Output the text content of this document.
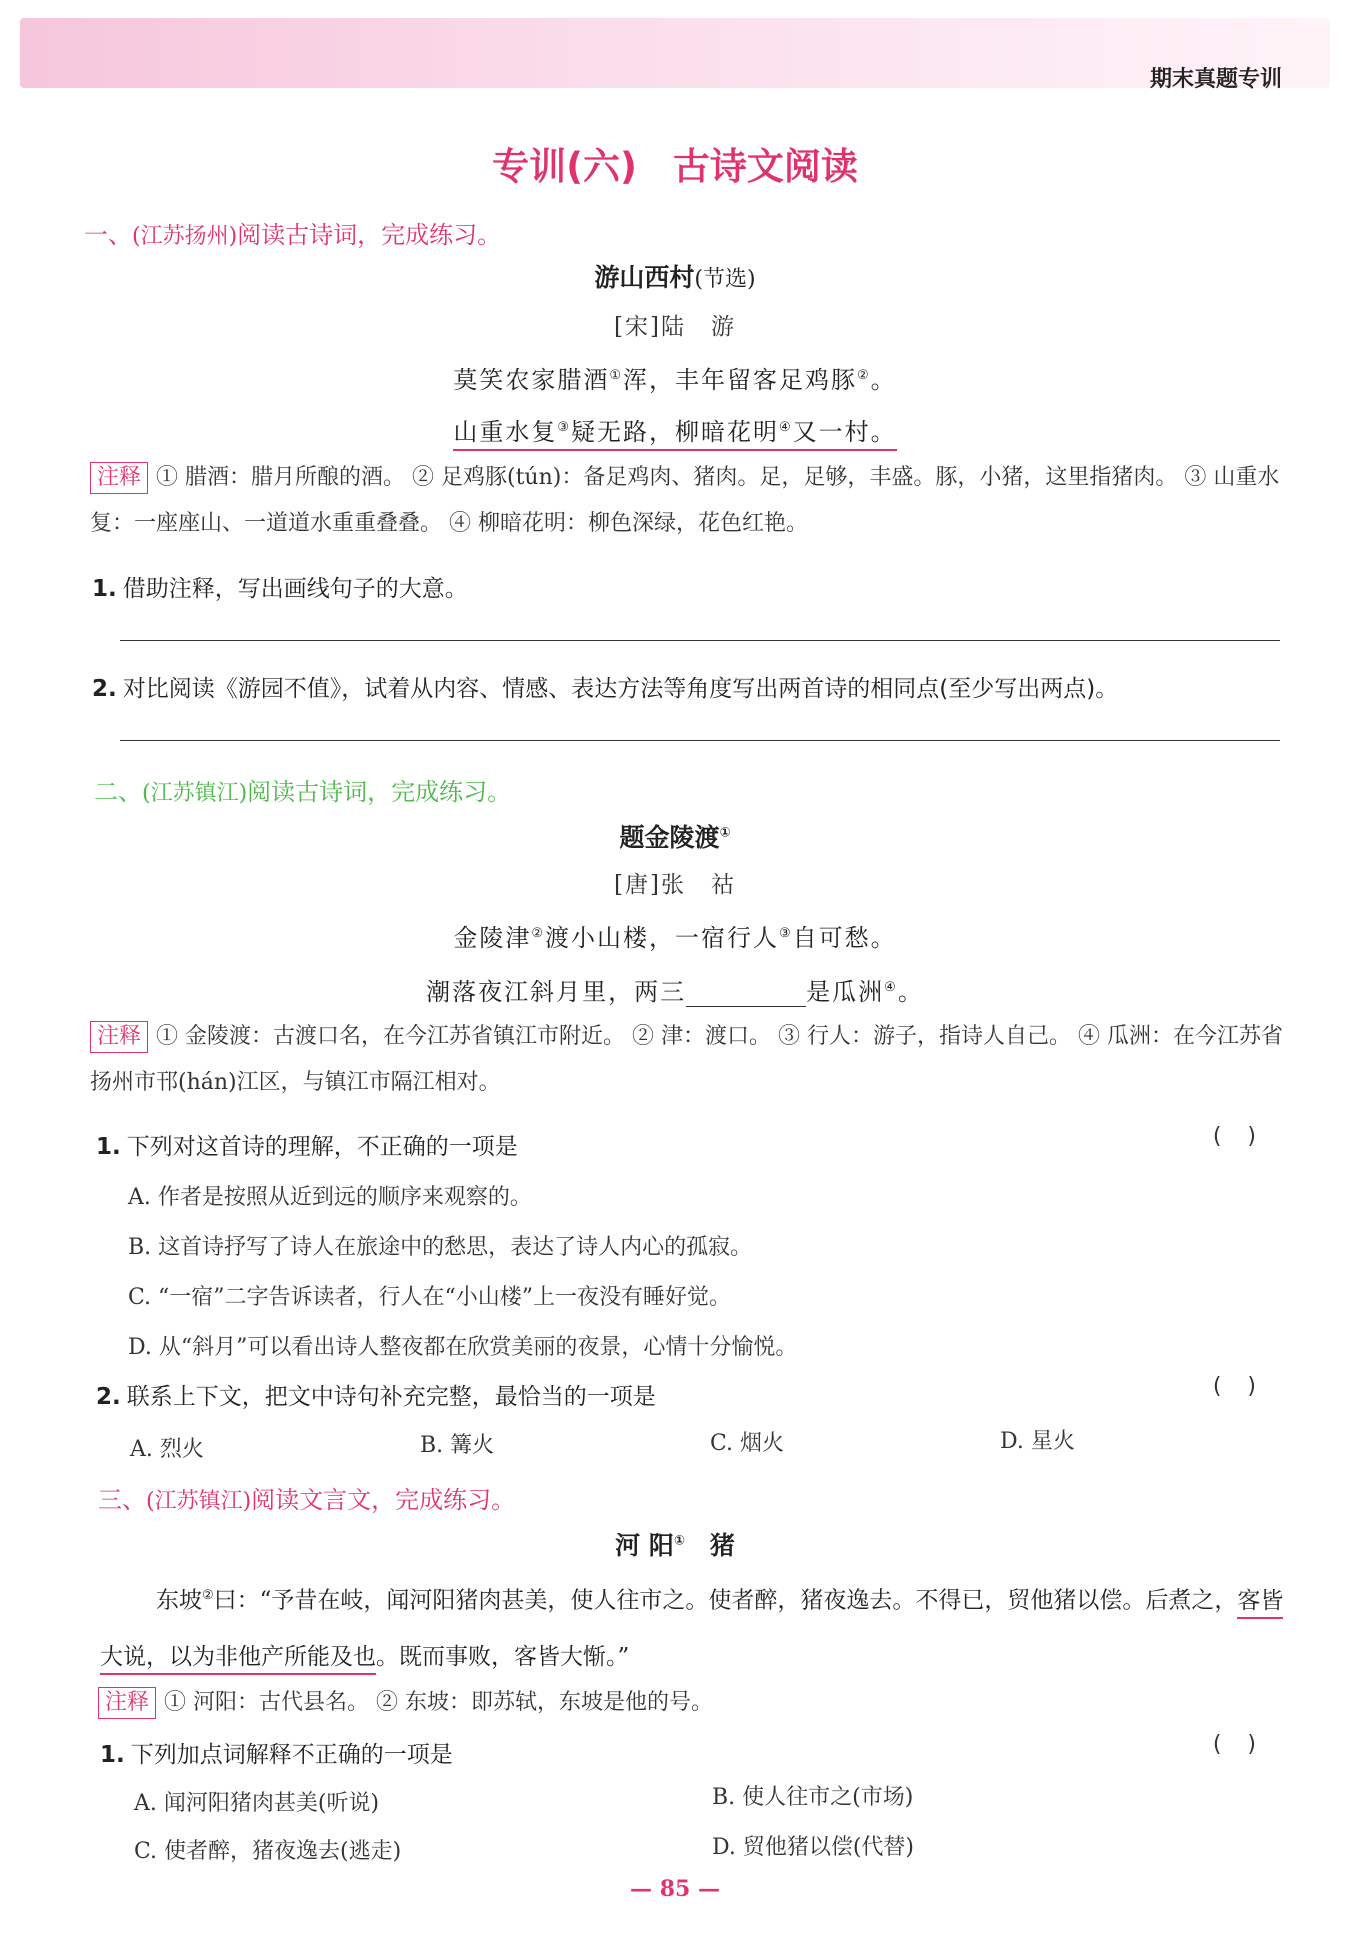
期末真题专训
专训(六) 古诗文阅读
一、(江苏扬州)阅读古诗词，完成练习。
游山西村(节选)
[宋]陆　游
莫笑农家腊酒①浑，丰年留客足鸡豚②。
山重水复③疑无路，柳暗花明④又一村。
注释 ① 腊酒：腊月所酿的酒。 ② 足鸡豚(tún)：备足鸡肉、猪肉。足，足够，丰盛。豚，小猪，这里指猪肉。 ③ 山重水复：一座座山、一道道水重重叠叠。 ④ 柳暗花明：柳色深绿，花色红艳。
1. 借助注释，写出画线句子的大意。
2. 对比阅读《游园不值》，试着从内容、情感、表达方法等角度写出两首诗的相同点(至少写出两点)。
二、(江苏镇江)阅读古诗词，完成练习。
题金陵渡①
[唐]张　祜
金陵津②渡小山楼，一宿行人③自可愁。
潮落夜江斜月里，两三	是瓜洲④。
注释 ① 金陵渡：古渡口名，在今江苏省镇江市附近。 ② 津：渡口。 ③ 行人：游子，指诗人自己。 ④ 瓜洲：在今江苏省扬州市邗(hán)江区，与镇江市隔江相对。
1. 下列对这首诗的理解，不正确的一项是	()
A. 作者是按照从近到远的顺序来观察的。
B. 这首诗抒写了诗人在旅途中的愁思，表达了诗人内心的孤寂。
C. “一宿”二字告诉读者，行人在“小山楼”上一夜没有睡好觉。
D. 从“斜月”可以看出诗人整夜都在欣赏美丽的夜景，心情十分愉悦。
2. 联系上下文，把文中诗句补充完整，最恰当的一项是	()
A. 烈火	B. 篝火	C. 烟火	D. 星火
三、(江苏镇江)阅读文言文，完成练习。
河 阳①　 猪
东坡②曰：“予昔在岐，闻河阳猪肉甚美，使人往市之。使者醉，猪夜逸去。不得已，贸他猪以偿。后煮之，客皆大说，以为非他产所能及也。既而事败，客皆大惭。”
注释 ① 河阳：古代县名。 ② 东坡：即苏轼，东坡是他的号。
1. 下列加点词解释不正确的一项是	()
A. 闻河阳猪肉甚美(听说)	B. 使人往市之(市场)
C. 使者醉，猪夜逸去(逃走)	D. 贸他猪以偿(代替)
— 85 —
